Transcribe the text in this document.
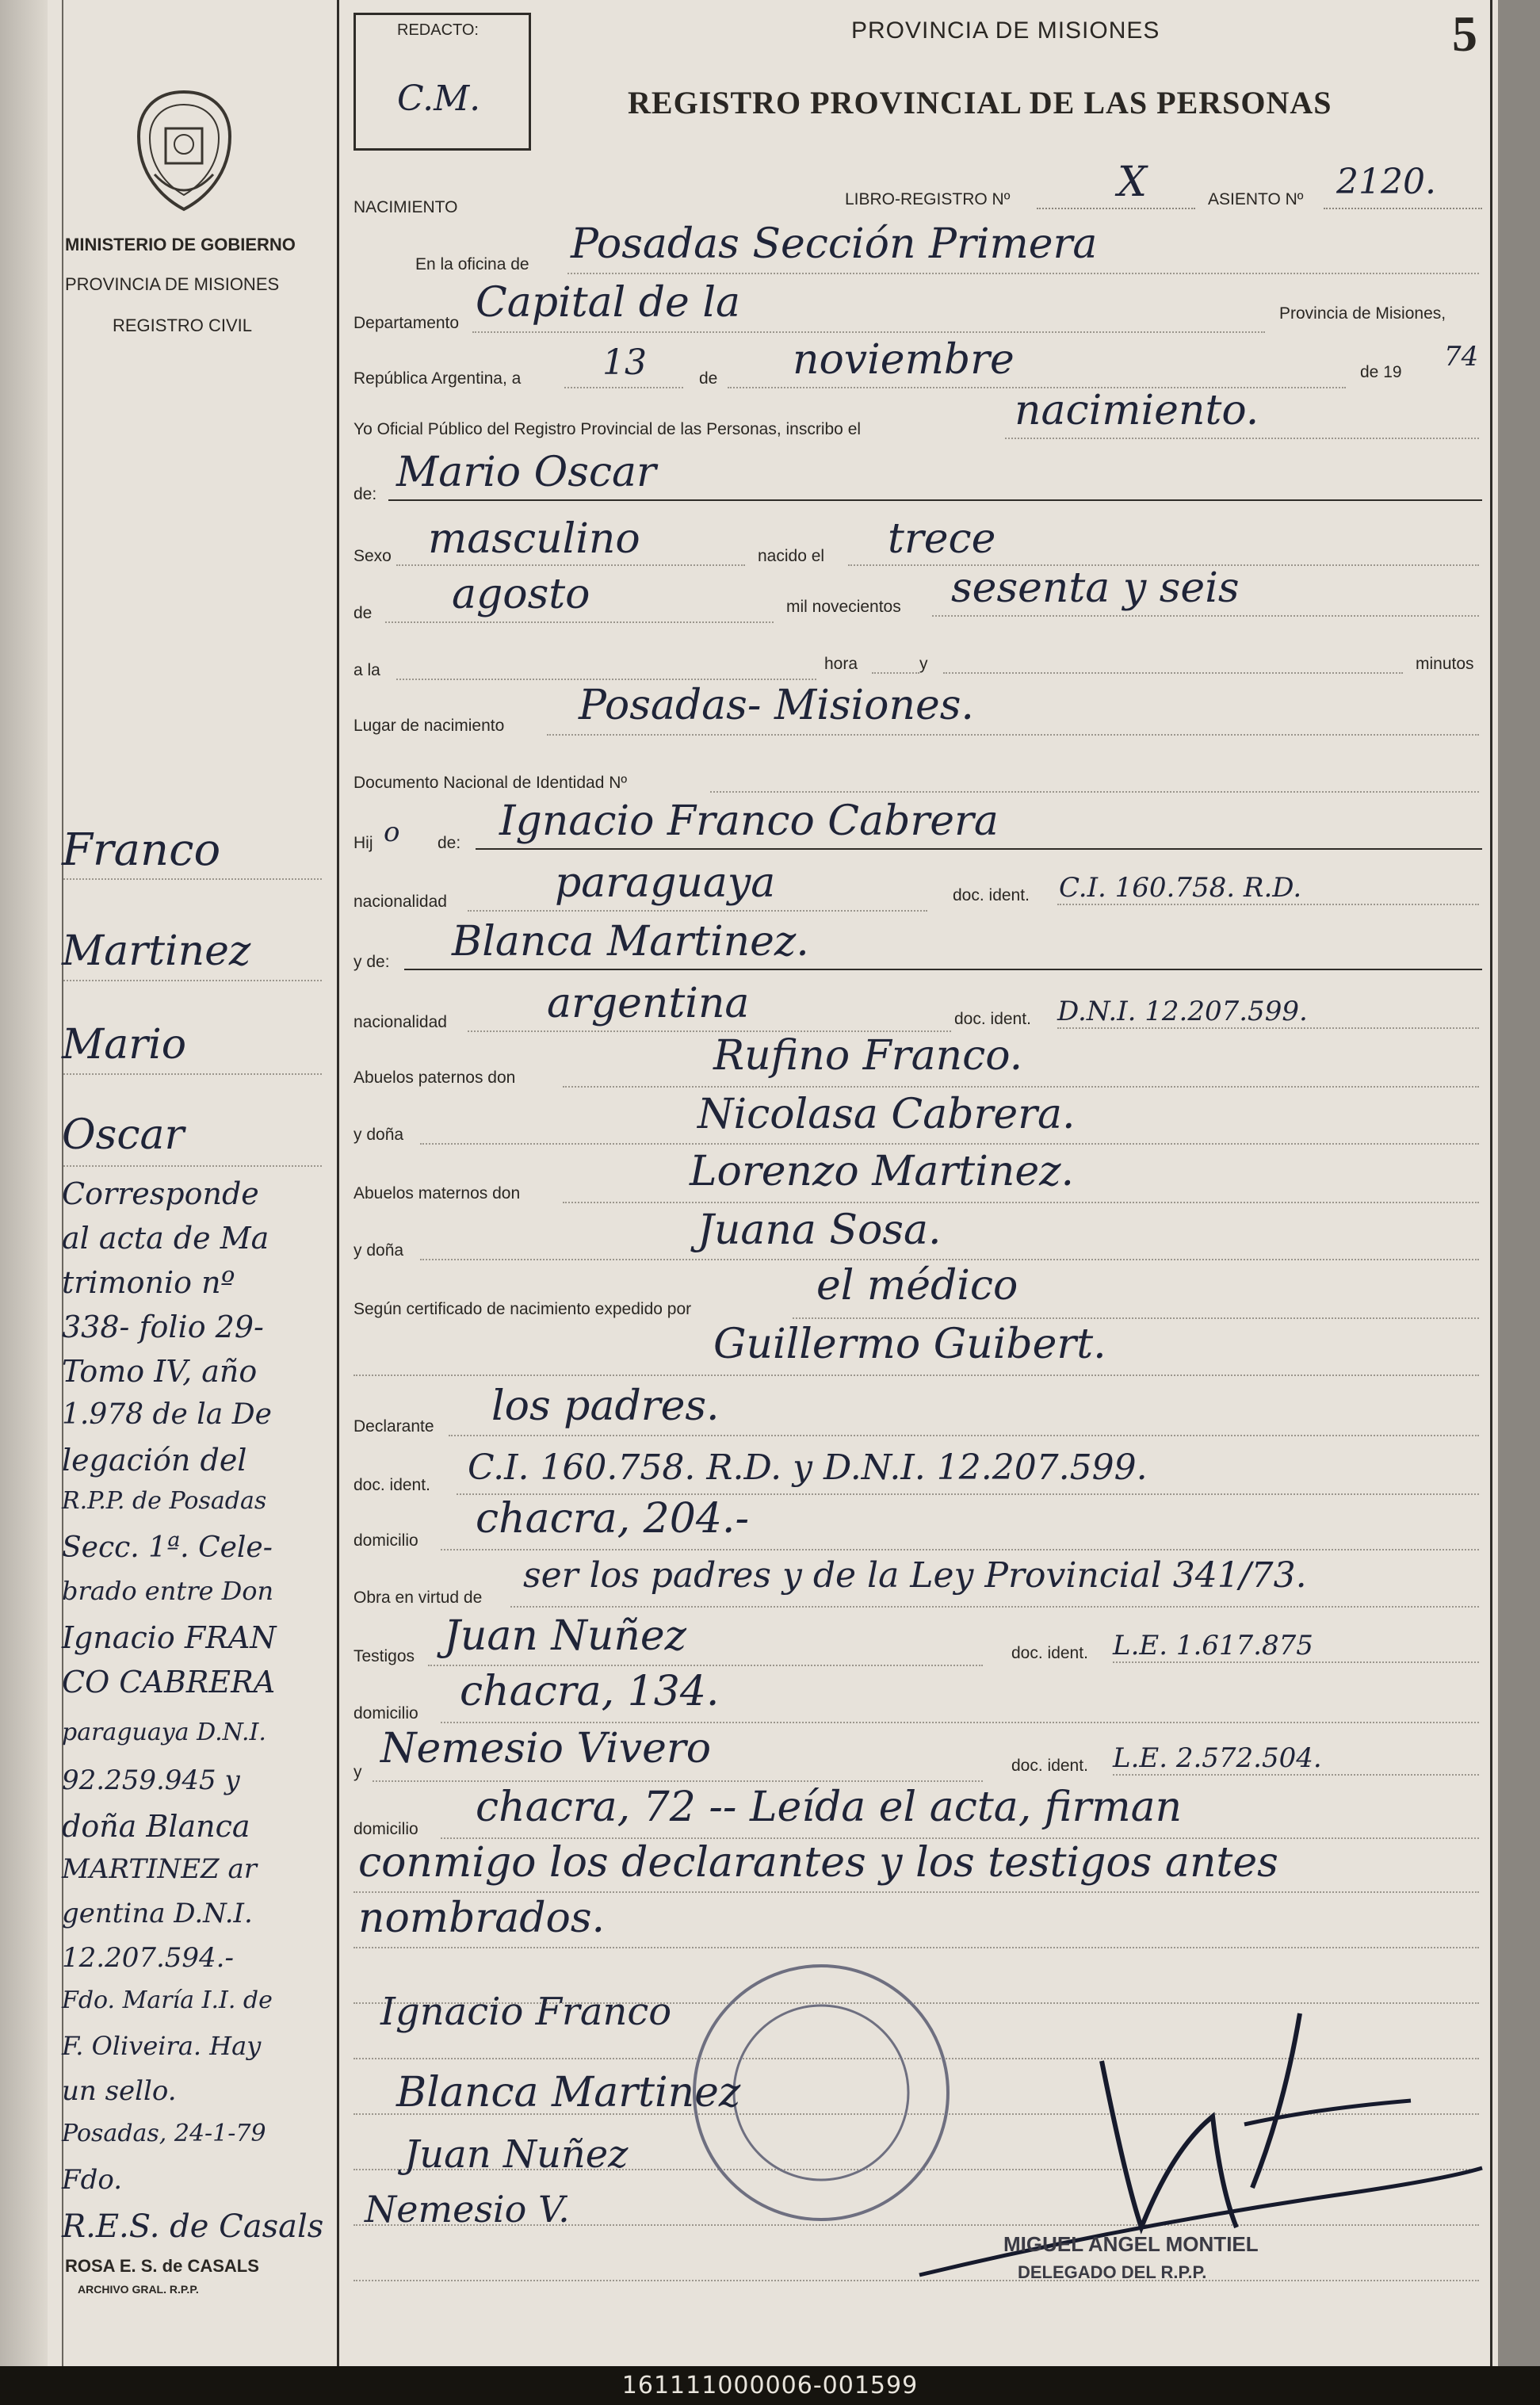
MINISTERIO DE GOBIERNO
PROVINCIA DE MISIONES
REGISTRO CIVIL
REDACTO:
C.M.
PROVINCIA DE MISIONES
REGISTRO PROVINCIAL DE LAS PERSONAS
5
NACIMIENTO	LIBRO-REGISTRO Nº	X	ASIENTO Nº 2120.
En la oficina de Posadas Sección Primera
Departamento Capital de la	Provincia de Misiones,
República Argentina, a 13	de noviembre	de 19 74
Yo Oficial Público del Registro Provincial de las Personas, inscribo el	nacimiento.
de: Mario Oscar
Sexo masculino	nacido el trece
de agosto	mil novecientos sesenta y seis
a la	hora	y	minutos
Lugar de nacimiento Posadas- Misiones.
Documento Nacional de Identidad Nº
Hij o de: Ignacio Franco Cabrera
nacionalidad	paraguaya	doc. ident. C.I. 160.758. R.D.
y de: Blanca Martinez.
nacionalidad argentina	doc. ident. D.N.I. 12.207.599.
Abuelos paternos don	Rufino Franco.
y doña	Nicolasa Cabrera.
Abuelos maternos don	Lorenzo Martinez.
y doña	Juana Sosa.
Según certificado de nacimiento expedido por	el médico
Guillermo Guibert.
Declarante los padres.
doc. ident. C.I. 160.758. R.D. y D.N.I. 12.207.599.
domicilio chacra, 204.-
Obra en virtud de
ser los padres y de la Ley Provincial 341/73.
Testigos Juan Nuñez	doc. ident. L.E. 1.617.875
domicilio chacra, 134.
y Nemesio Vivero	doc. ident. L.E. 2.572.504.
domicilio chacra, 72 -- Leída el acta, firman
conmigo los declarantes y los testigos antes
nombrados.
Ignacio Franco
Blanca Martinez
Juan Nuñez
Nemesio V.
MIGUEL ANGEL MONTIEL
DELEGADO DEL R.P.P.
Franco
Martinez
Mario
Oscar
Corresponde
al acta de Ma
trimonio nº
338- folio 29-
Tomo IV, año
1.978 de la De
legación del
R.P.P. de Posadas
Secc. 1ª. Cele-
brado entre Don
Ignacio FRAN
CO CABRERA
paraguaya D.N.I.
92.259.945 y
doña Blanca
MARTINEZ ar
gentina D.N.I.
12.207.594.-
Fdo. María I.I. de
F. Oliveira. Hay
un sello.
Posadas, 24-1-79
Fdo.
R.E.S. de Casals
ROSA E. S. de CASALS
ARCHIVO GRAL. R.P.P.
161111000006-001599
